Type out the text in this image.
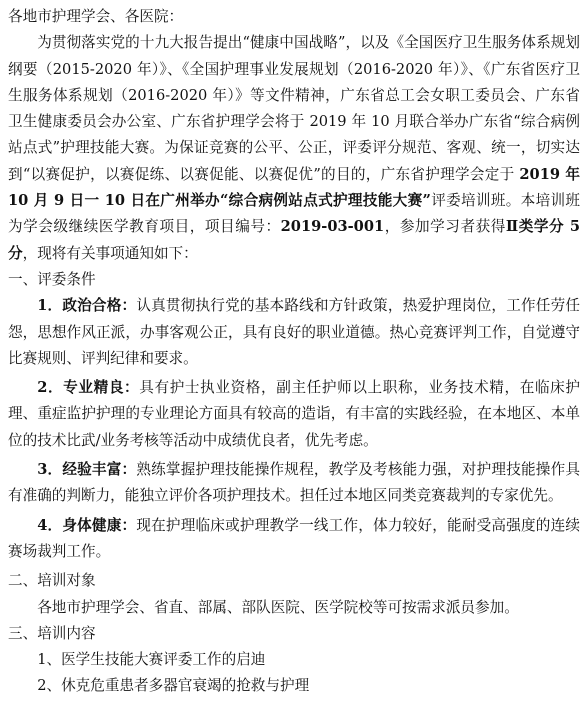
各地市护理学会、各医院：

为贯彻落实党的十九大报告提出“健康中国战略”，以及《全国医疗卫生服务体系规划纲要（2015-2020 年）》、《全国护理事业发展规划（2016-2020 年）》、《广东省医疗卫生服务体系规划（2016-2020 年）》等文件精神，广东省总工会女职工委员会、广东省卫生健康委员会办公室、广东省护理学会将于 2019 年 10 月联合举办广东省“综合病例站点式”护理技能大赛。为保证竞赛的公平、公正，评委评分规范、客观、统一，切实达到“以赛促护，以赛促练、以赛促能、以赛促优”的目的，广东省护理学会定于 2019 年 10 月 9 日一 10 日在广州举办“综合病例站点式护理技能大赛”评委培训班。本培训班为学会级继续医学教育项目，项目编号：2019-03-001，参加学习者获得Ⅱ类学分 5 分，现将有关事项通知如下：

一、评委条件

1．政治合格：认真贯彻执行党的基本路线和方针政策，热爱护理岗位，工作任劳任怨，思想作风正派，办事客观公正，具有良好的职业道德。热心竞赛评判工作，自觉遵守比赛规则、评判纪律和要求。

2．专业精良：具有护士执业资格，副主任护师以上职称，业务技术精，在临床护理、重症监护护理的专业理论方面具有较高的造诣，有丰富的实践经验，在本地区、本单位的技术比武/业务考核等活动中成绩优良者，优先考虑。

3．经验丰富：熟练掌握护理技能操作规程，教学及考核能力强，对护理技能操作具有准确的判断力，能独立评价各项护理技术。担任过本地区同类竞赛裁判的专家优先。

4．身体健康：现在护理临床或护理教学一线工作，体力较好，能耐受高强度的连续赛场裁判工作。

二、培训对象

各地市护理学会、省直、部属、部队医院、医学院校等可按需求派员参加。

三、培训内容

1、医学生技能大赛评委工作的启迪

2、休克危重患者多器官衰竭的抢救与护理
